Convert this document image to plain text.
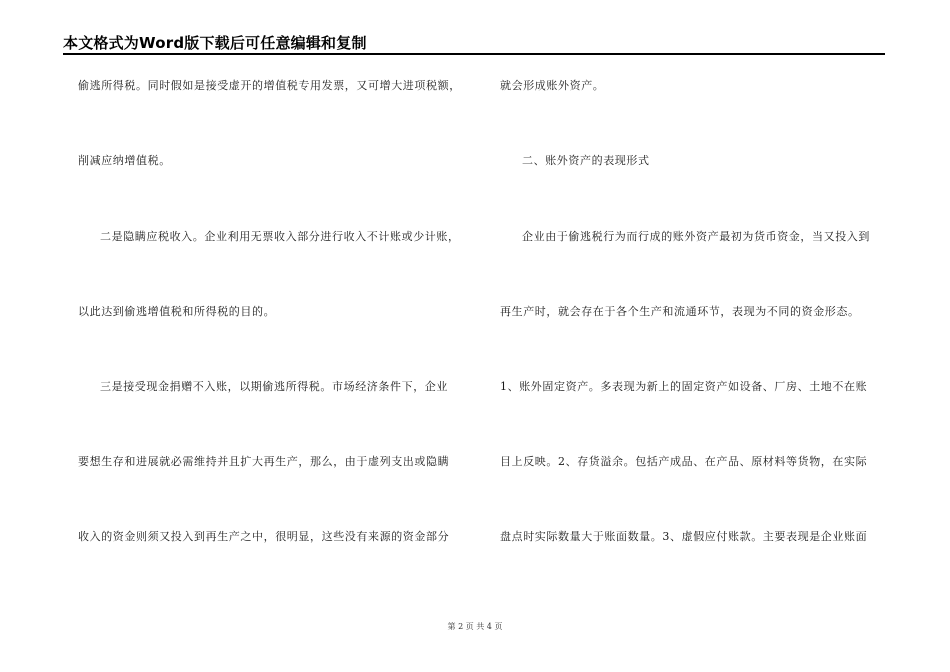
本文格式为Word版下载后可任意编辑和复制
偷逃所得税。同时假如是接受虚开的增值税专用发票，又可增大进项税额，
削减应纳增值税。
二是隐瞒应税收入。企业利用无票收入部分进行收入不计账或少计账，
以此达到偷逃增值税和所得税的目的。
三是接受现金捐赠不入账，以期偷逃所得税。市场经济条件下，企业
要想生存和进展就必需维持并且扩大再生产，那么，由于虚列支出或隐瞒
收入的资金则须又投入到再生产之中，很明显，这些没有来源的资金部分
就会形成账外资产。
二、账外资产的表现形式
企业由于偷逃税行为而行成的账外资产最初为货币资金，当又投入到
再生产时，就会存在于各个生产和流通环节，表现为不同的资金形态。
1、账外固定资产。多表现为新上的固定资产如设备、厂房、土地不在账
目上反映。2、存货溢余。包括产成品、在产品、原材料等货物，在实际
盘点时实际数量大于账面数量。3、虚假应付账款。主要表现是企业账面
第 2 页 共 4 页
